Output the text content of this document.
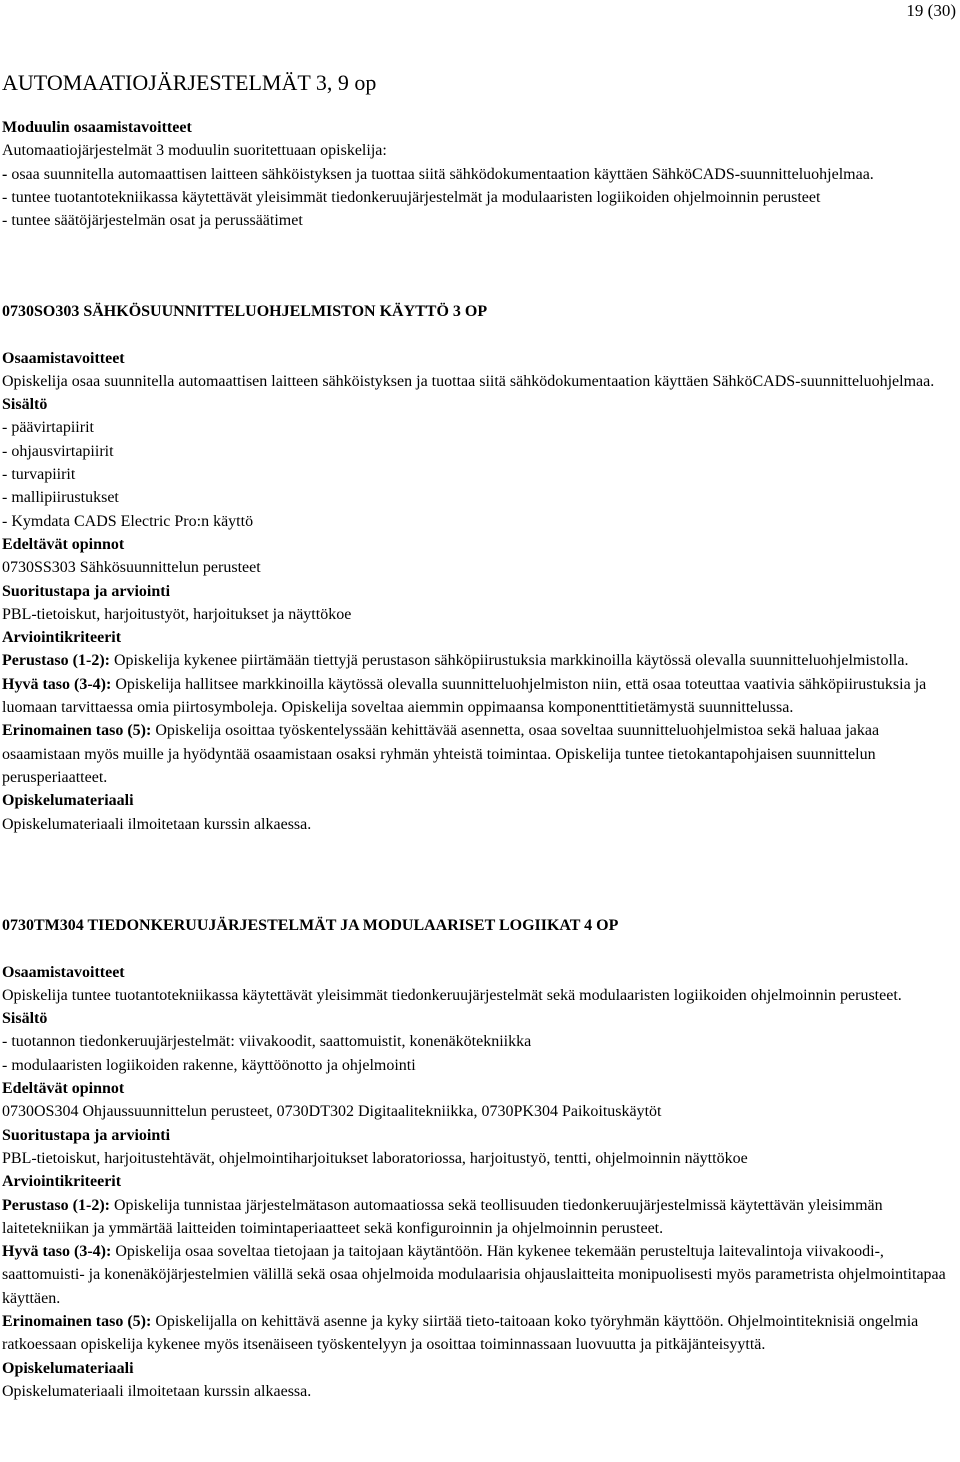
19 (30)
AUTOMAATIOJÄRJESTELMÄT 3, 9 op

Moduulin osaamistavoitteet

Automaatiojärjestelmät 3 moduulin suoritettuaan opiskelija:

- osaa suunnitella automaattisen laitteen sähköistyksen ja tuottaa siitä sähködokumentaation käyttäen SähköCADS-suunnitteluohjelmaa.

- tuntee tuotantotekniikassa käytettävät yleisimmät tiedonkeruujärjestelmät ja modulaaristen logiikoiden ohjelmoinnin perusteet

- tuntee säätöjärjestelmän osat ja perussäätimet

0730SO303 SÄHKÖSUUNNITTELUOHJELMISTON KÄYTTÖ 3 OP

Osaamistavoitteet

Opiskelija osaa suunnitella automaattisen laitteen sähköistyksen ja tuottaa siitä sähködokumentaation käyttäen SähköCADS-suunnitteluohjelmaa.

Sisältö

- päävirtapiirit

- ohjausvirtapiirit

- turvapiirit

- mallipiirustukset

- Kymdata CADS Electric Pro:n käyttö

Edeltävät opinnot

0730SS303 Sähkösuunnittelun perusteet

Suoritustapa ja arviointi

PBL-tietoiskut, harjoitustyöt, harjoitukset ja näyttökoe

Arviointikriteerit

Perustaso (1-2): Opiskelija kykenee piirtämään tiettyjä perustason sähköpiirustuksia markkinoilla käytössä olevalla suunnitteluohjelmistolla.

Hyvä taso (3-4): Opiskelija hallitsee markkinoilla käytössä olevalla suunnitteluohjelmiston niin, että osaa toteuttaa vaativia sähköpiirustuksia ja luomaan tarvittaessa omia piirtosymboleja. Opiskelija soveltaa aiemmin oppimaansa komponenttitietämystä suunnittelussa.

Erinomainen taso (5): Opiskelija osoittaa työskentelyssään kehittävää asennetta, osaa soveltaa suunnitteluohjelmistoa sekä haluaa jakaa osaamistaan myös muille ja hyödyntää osaamistaan osaksi ryhmän yhteistä toimintaa. Opiskelija tuntee tietokantapohjaisen suunnittelun perusperiaatteet.

Opiskelumateriaali

Opiskelumateriaali ilmoitetaan kurssin alkaessa.

0730TM304 TIEDONKERUUJÄRJESTELMÄT JA MODULAARISET LOGIIKAT 4 OP

Osaamistavoitteet

Opiskelija tuntee tuotantotekniikassa käytettävät yleisimmät tiedonkeruujärjestelmät sekä modulaaristen logiikoiden ohjelmoinnin perusteet.

Sisältö

- tuotannon tiedonkeruujärjestelmät: viivakoodit, saattomuistit, konenäkötekniikka

- modulaaristen logiikoiden rakenne, käyttöönotto ja ohjelmointi

Edeltävät opinnot

0730OS304 Ohjaussuunnittelun perusteet, 0730DT302 Digitaalitekniikka, 0730PK304 Paikoituskäytöt

Suoritustapa ja arviointi

PBL-tietoiskut, harjoitustehtävät, ohjelmointiharjoitukset laboratoriossa, harjoitustyö, tentti, ohjelmoinnin näyttökoe

Arviointikriteerit

Perustaso (1-2): Opiskelija tunnistaa järjestelmätason automaatiossa sekä teollisuuden tiedonkeruujärjestelmissä käytettävän yleisimmän laitetekniikan ja ymmärtää laitteiden toimintaperiaatteet sekä konfiguroinnin ja ohjelmoinnin perusteet.

Hyvä taso (3-4): Opiskelija osaa soveltaa tietojaan ja taitojaan käytäntöön. Hän kykenee tekemään perusteltuja laitevalintoja viivakoodi-, saattomuisti- ja konenäköjärjestelmien välillä sekä osaa ohjelmoida modulaarisia ohjauslaitteita monipuolisesti myös parametrista ohjelmointitapaa käyttäen.

Erinomainen taso (5): Opiskelijalla on kehittävä asenne ja kyky siirtää tieto-taitoaan koko työryhmän käyttöön. Ohjelmointiteknisiä ongelmia ratkoessaan opiskelija kykenee myös itsenäiseen työskentelyyn ja osoittaa toiminnassaan luovuutta ja pitkäjänteisyyttä.

Opiskelumateriaali

Opiskelumateriaali ilmoitetaan kurssin alkaessa.
